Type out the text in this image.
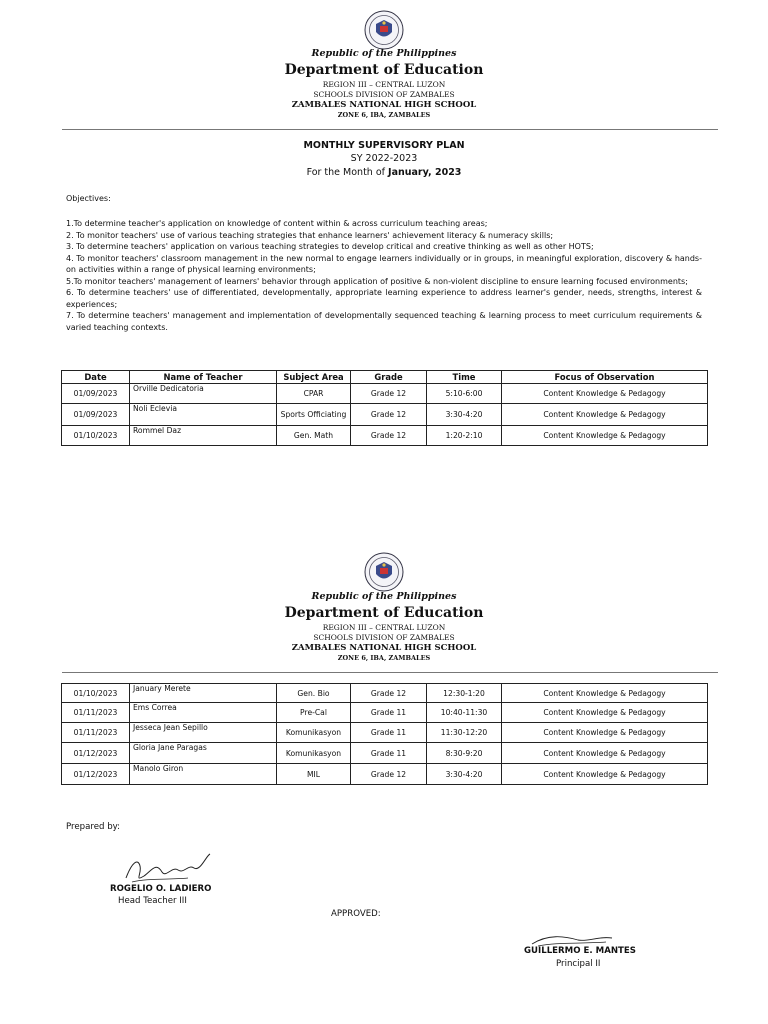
Republic of the Philippines
Department of Education
REGION III – CENTRAL LUZON
SCHOOLS DIVISION OF ZAMBALES
ZAMBALES NATIONAL HIGH SCHOOL
ZONE 6, IBA, ZAMBALES
MONTHLY SUPERVISORY PLAN
SY 2022-2023
For the Month of January, 2023
Objectives:

1.To determine teacher's application on knowledge of content within & across curriculum teaching areas;

2. To monitor teachers' use of various teaching strategies that enhance learners' achievement literacy & numeracy skills;

3. To determine teachers' application on various teaching strategies to develop critical and creative thinking as well as other HOTS;

4. To monitor teachers' classroom management in the new normal to engage learners individually or in groups, in meaningful exploration, discovery & hands-on activities within a range of physical learning environments;

5.To monitor teachers' management of learners' behavior through application of positive & non-violent discipline to ensure learning focused environments;

6. To determine teachers' use of differentiated, developmentally, appropriate learning experience to address learner's gender, needs, strengths, interest & experiences;

7. To determine teachers' management and implementation of developmentally sequenced teaching & learning process to meet curriculum requirements & varied teaching contexts.

Date	Name of Teacher	Subject Area	Grade	Time	Focus of Observation
01/09/2023	Orville Dedicatoria	CPAR	Grade 12	5:10-6:00	Content Knowledge & Pedagogy
01/09/2023	Noli Eclevia	Sports Officiating	Grade 12	3:30-4:20	Content Knowledge & Pedagogy
01/10/2023	Rommel Daz	Gen. Math	Grade 12	1:20-2:10	Content Knowledge & Pedagogy
Republic of the Philippines
Department of Education
REGION III – CENTRAL LUZON
SCHOOLS DIVISION OF ZAMBALES
ZAMBALES NATIONAL HIGH SCHOOL
ZONE 6, IBA, ZAMBALES
01/10/2023	January Merete	Gen. Bio	Grade 12	12:30-1:20	Content Knowledge & Pedagogy
01/11/2023	Ems Correa	Pre-Cal	Grade 11	10:40-11:30	Content Knowledge & Pedagogy
01/11/2023	Jesseca Jean Sepillo	Komunikasyon	Grade 11	11:30-12:20	Content Knowledge & Pedagogy
01/12/2023	Gloria Jane Paragas	Komunikasyon	Grade 11	8:30-9:20	Content Knowledge & Pedagogy
01/12/2023	Manolo Giron	MIL	Grade 12	3:30-4:20	Content Knowledge & Pedagogy
Prepared by:
ROGELIO O. LADIERO
Head Teacher III
APPROVED:
GUILLERMO E. MANTES
Principal II
